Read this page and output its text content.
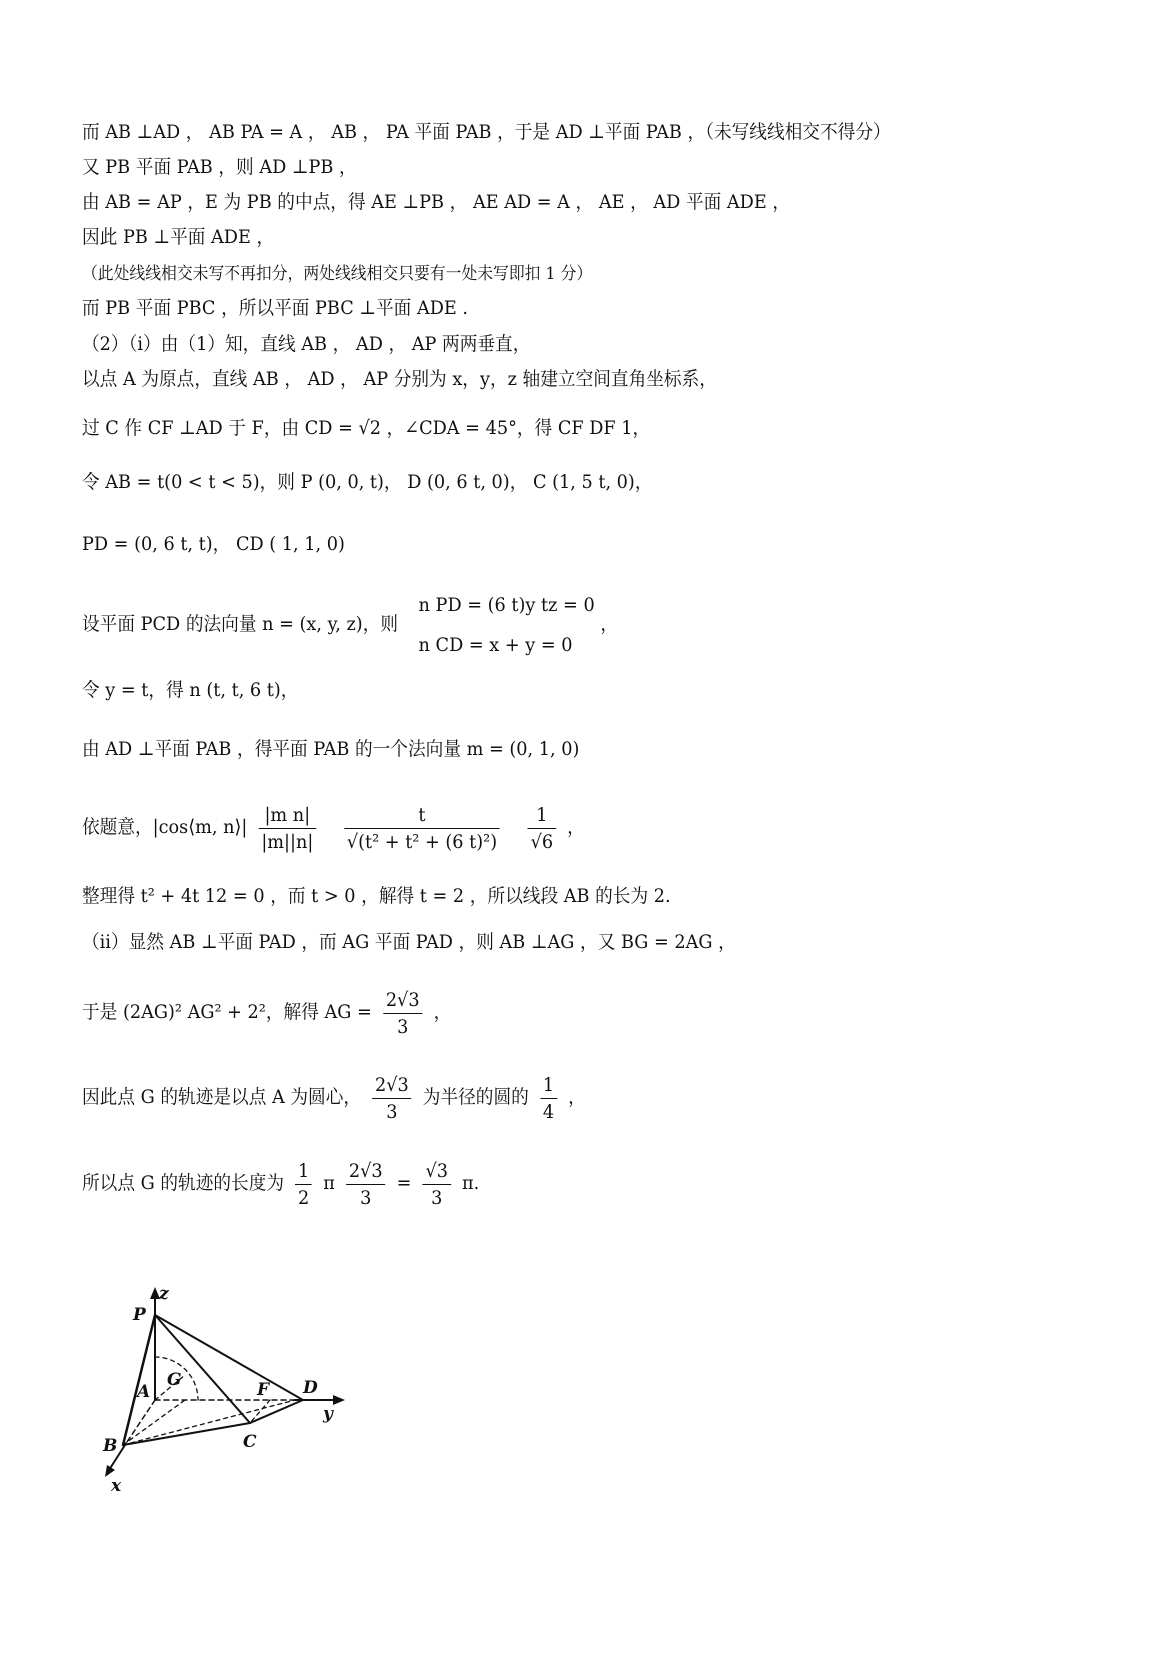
而 AB ⊥AD ， AB PA = A ， AB ， PA 平面 PAB ，于是 AD ⊥平面 PAB ，（未写线线相交不得分）
又 PB 平面 PAB ，则 AD ⊥PB ，
由 AB = AP ，E 为 PB 的中点，得 AE ⊥PB ， AE AD = A ， AE ， AD 平面 ADE ，
因此 PB ⊥平面 ADE ，
（此处线线相交未写不再扣分，两处线线相交只要有一处未写即扣 1 分）
而 PB 平面 PBC ，所以平面 PBC ⊥平面 ADE .
（2）（ⅰ）由（1）知，直线 AB ， AD ， AP 两两垂直，
以点 A 为原点，直线 AB ， AD ， AP 分别为 x，y，z 轴建立空间直角坐标系，
过 C 作 CF ⊥AD 于 F，由 CD = √2 ，∠CDA = 45°，得 CF DF 1，
令 AB = t(0 < t < 5)，则 P (0, 0, t)， D (0, 6 t, 0)， C (1, 5 t, 0)，
PD = (0, 6 t, t)， CD ( 1, 1, 0)
设平面 PCD 的法向量 n = (x, y, z)，则
n PD = (6 t)y tz = 0
n CD = x + y = 0
，
令 y = t，得 n (t, t, 6 t)，
由 AD ⊥平面 PAB ，得平面 PAB 的一个法向量 m = (0, 1, 0)
依题意，|cos⟨m, n⟩| $\frac{\text{|m n|}}{|m||n|}$
$\frac{t}{\text{√(t² + t² + (6 t)²)}}$
$\frac{1}{√6}$ ，
整理得 t² + 4t 12 = 0 ，而 t > 0 ，解得 t = 2 ，所以线段 AB 的长为 2.
（ⅱ）显然 AB ⊥平面 PAD ，而 AG 平面 PAD ，则 AB ⊥AG ，又 BG = 2AG ，
于是 (2AG)² AG² + 2²，解得 AG = $\frac{2√3}{3}$ ，
因此点 G 的轨迹是以点 A 为圆心， $\frac{2√3}{3}$ 为半径的圆的 $\frac{1}{4}$ ，
所以点 G 的轨迹的长度为 $\frac{1}{2}$ π $\frac{2√3}{3} = \frac{√3}{3} \pi$.
z
P
G
A	F D
y
B	C
x
